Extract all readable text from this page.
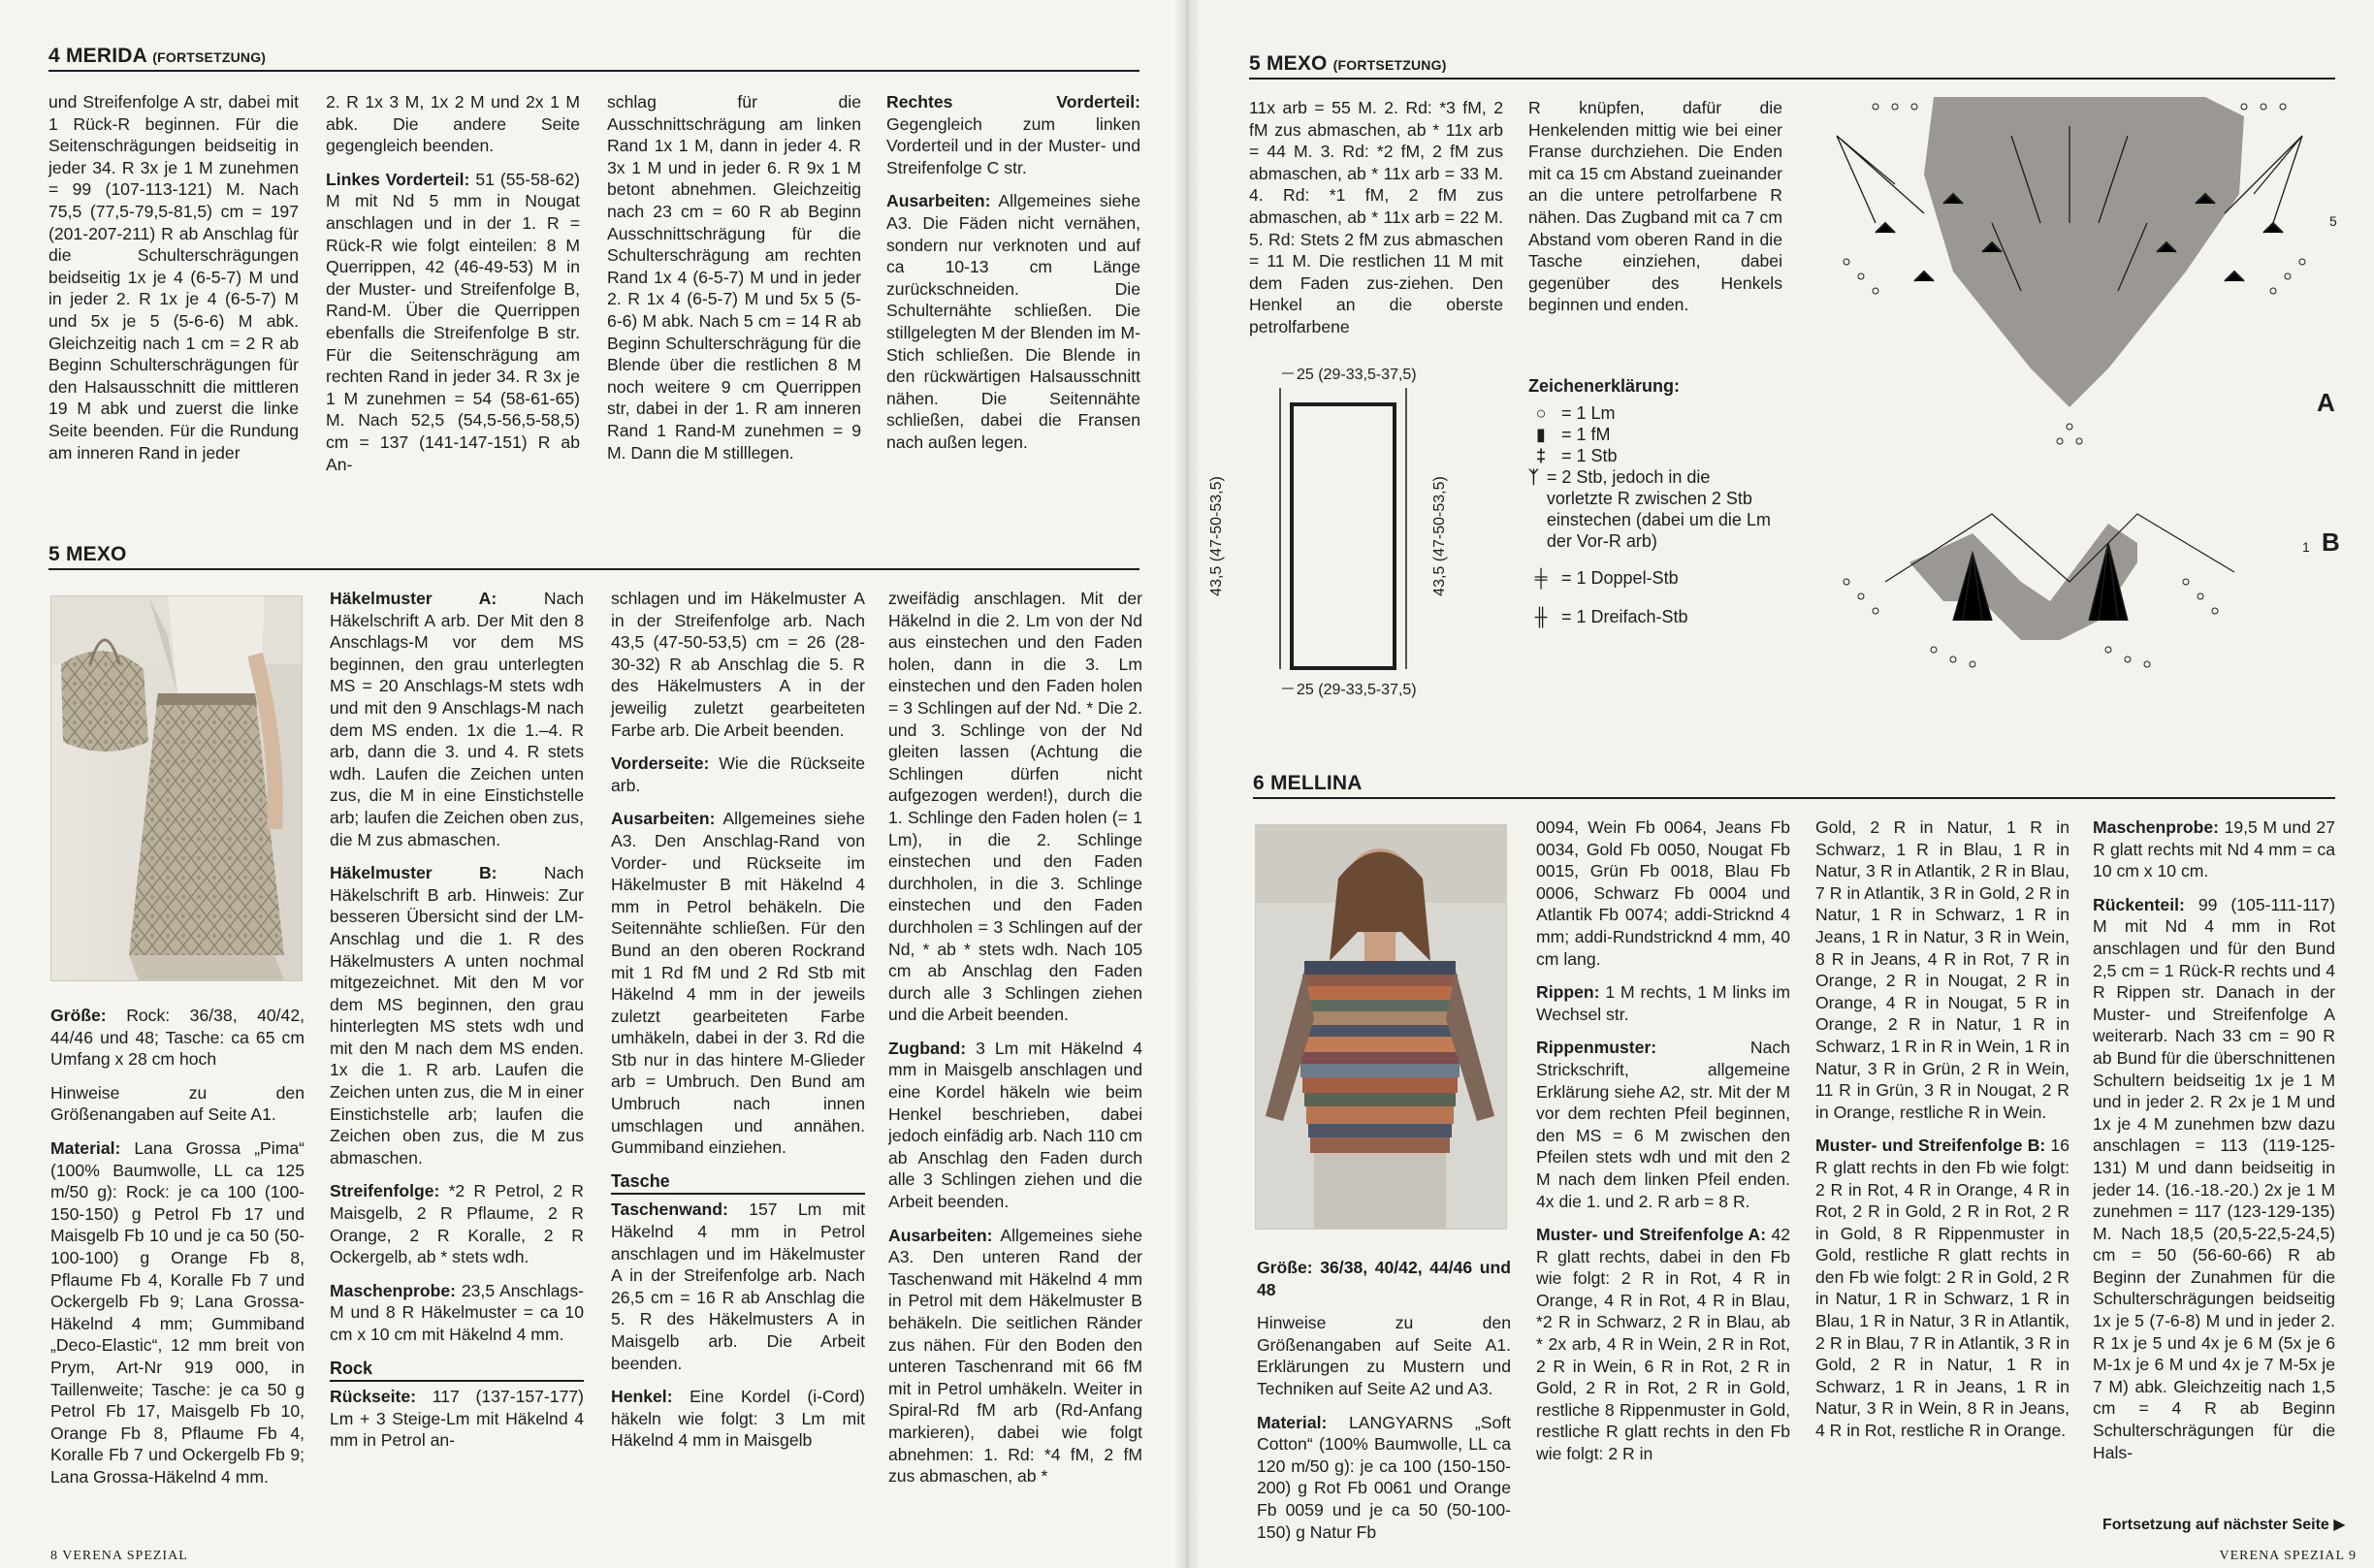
4 MERIDA (FORTSETZUNG)

und Streifenfolge A str, dabei mit 1 Rück-R beginnen. Für die Seitenschrägungen beidseitig in jeder 34. R 3x je 1 M zunehmen = 99 (107-113-121) M. Nach 75,5 (77,5-79,5-81,5) cm = 197 (201-207-211) R ab Anschlag für die Schulterschrägungen beidseitig 1x je 4 (6-5-7) M und in jeder 2. R 1x je 4 (6-5-7) M und 5x je 5 (5-6-6) M abk. Gleichzeitig nach 1 cm = 2 R ab Beginn Schulterschrägungen für den Halsausschnitt die mittleren 19 M abk und zuerst die linke Seite beenden. Für die Rundung am inneren Rand in jeder

2. R 1x 3 M, 1x 2 M und 2x 1 M abk. Die andere Seite gegengleich beenden.

Linkes Vorderteil: 51 (55-58-62) M mit Nd 5 mm in Nougat anschlagen und in der 1. R = Rück-R wie folgt einteilen: 8 M Querrippen, 42 (46-49-53) M in der Muster- und Streifenfolge B, Rand-M. Über die Querrippen ebenfalls die Streifenfolge B str. Für die Seitenschrägung am rechten Rand in jeder 34. R 3x je 1 M zunehmen = 54 (58-61-65) M. Nach 52,5 (54,5-56,5-58,5) cm = 137 (141-147-151) R ab An-

schlag für die Ausschnittschrägung am linken Rand 1x 1 M, dann in jeder 4. R 3x 1 M und in jeder 6. R 9x 1 M betont abnehmen. Gleichzeitig nach 23 cm = 60 R ab Beginn Ausschnittschrägung für die Schulterschrägung am rechten Rand 1x 4 (6-5-7) M und in jeder 2. R 1x 4 (6-5-7) M und 5x 5 (5-6-6) M abk. Nach 5 cm = 14 R ab Beginn Schulterschrägung für die Blende über die restlichen 8 M noch weitere 9 cm Querrippen str, dabei in der 1. R am inneren Rand 1 Rand-M zunehmen = 9 M. Dann die M stilllegen.

Rechtes Vorderteil: Gegengleich zum linken Vorderteil und in der Muster- und Streifenfolge C str.

Ausarbeiten: Allgemeines siehe A3. Die Fäden nicht vernähen, sondern nur verknoten und auf ca 10-13 cm Länge zurückschneiden. Die Schulternähte schließen. Die stillgelegten M der Blenden im M-Stich schließen. Die Blende in den rückwärtigen Halsausschnitt nähen. Die Seitennähte schließen, dabei die Fransen nach außen legen.

5 MEXO

Größe: Rock: 36/38, 40/42, 44/46 und 48; Tasche: ca 65 cm Umfang x 28 cm hoch

Hinweise zu den Größenangaben auf Seite A1.

Material: Lana Grossa „Pima“ (100% Baumwolle, LL ca 125 m/50 g): Rock: je ca 100 (100-150-150) g Petrol Fb 17 und Maisgelb Fb 10 und je ca 50 (50-100-100) g Orange Fb 8, Pflaume Fb 4, Koralle Fb 7 und Ockergelb Fb 9; Lana Grossa-Häkelnd 4 mm; Gummiband „Deco-Elastic“, 12 mm breit von Prym, Art-Nr 919 000, in Taillenweite; Tasche: je ca 50 g Petrol Fb 17, Maisgelb Fb 10, Orange Fb 8, Pflaume Fb 4, Koralle Fb 7 und Ockergelb Fb 9; Lana Grossa-Häkelnd 4 mm.

Häkelmuster A:	Nach Häkelschrift A arb. Der Mit den 8 Anschlags-M vor dem MS beginnen, den grau unterlegten MS = 20 Anschlags-M stets wdh und mit den 9 Anschlags-M nach dem MS enden. 1x die 1.–4. R arb, dann die 3. und 4. R stets wdh. Laufen die Zeichen unten zus, die M in eine Einstichstelle arb; laufen die Zeichen oben zus, die M zus abmaschen.

Häkelmuster B:	Nach Häkelschrift B arb. Hinweis: Zur besseren Übersicht sind der LM-Anschlag und die 1. R des Häkelmusters A unten nochmal mitgezeichnet. Mit den M vor dem MS beginnen, den grau hinterlegten MS stets wdh und mit den M nach dem MS enden. 1x die 1. R arb. Laufen die Zeichen unten zus, die M in einer Einstichstelle arb; laufen die Zeichen oben zus, die M zus abmaschen.

Streifenfolge: *2 R Petrol, 2 R Maisgelb, 2 R Pflaume, 2 R Orange, 2 R Koralle, 2 R Ockergelb, ab * stets wdh.

Maschenprobe: 23,5 Anschlags-M und 8 R Häkelmuster = ca 10 cm x 10 cm mit Häkelnd 4 mm.

Rock

Rückseite: 117 (137-157-177) Lm + 3 Steige-Lm mit Häkelnd 4 mm in Petrol an-

schlagen und im Häkelmuster A in der Streifenfolge arb. Nach 43,5 (47-50-53,5) cm = 26 (28-30-32) R ab Anschlag die 5. R des Häkelmusters A in der jeweilig zuletzt gearbeiteten Farbe arb. Die Arbeit beenden.

Vorderseite: Wie die Rückseite arb.

Ausarbeiten: Allgemeines siehe A3. Den Anschlag-Rand von Vorder- und Rückseite im Häkelmuster B mit Häkelnd 4 mm in Petrol behäkeln. Die Seitennähte schließen. Für den Bund an den oberen Rockrand mit 1 Rd fM und 2 Rd Stb mit Häkelnd 4 mm in der jeweils zuletzt gearbeiteten Farbe umhäkeln, dabei in der 3. Rd die Stb nur in das hintere M-Glieder arb = Umbruch. Den Bund am Umbruch nach innen umschlagen und annähen. Gummiband einziehen.

Tasche

Taschenwand: 157 Lm mit Häkelnd 4 mm in Petrol anschlagen und im Häkelmuster A in der Streifenfolge arb. Nach 26,5 cm = 16 R ab Anschlag die 5. R des Häkelmusters A in Maisgelb arb. Die Arbeit beenden.

Henkel: Eine Kordel (i-Cord) häkeln wie folgt: 3 Lm mit Häkelnd 4 mm in Maisgelb

zweifädig anschlagen. Mit der Häkelnd in die 2. Lm von der Nd aus einstechen und den Faden holen, dann in die 3. Lm einstechen und den Faden holen = 3 Schlingen auf der Nd. * Die 2. und 3. Schlinge von der Nd gleiten lassen (Achtung die Schlingen dürfen nicht aufgezogen werden!), durch die 1. Schlinge den Faden holen (= 1 Lm), in die 2. Schlinge einstechen und den Faden durchholen, in die 3. Schlinge einstechen und den Faden durchholen = 3 Schlingen auf der Nd, * ab * stets wdh. Nach 105 cm ab Anschlag den Faden durch alle 3 Schlingen ziehen und die Arbeit beenden.

Zugband: 3 Lm mit Häkelnd 4 mm in Maisgelb anschlagen und eine Kordel häkeln wie beim Henkel beschrieben, dabei jedoch einfädig arb. Nach 110 cm ab Anschlag den Faden durch alle 3 Schlingen ziehen und die Arbeit beenden.

Ausarbeiten: Allgemeines siehe A3. Den unteren Rand der Taschenwand mit Häkelnd 4 mm in Petrol mit dem Häkelmuster B behäkeln. Die seitlichen Ränder zus nähen. Für den Boden den unteren Taschenrand mit 66 fM mit in Petrol umhäkeln. Weiter in Spiral-Rd fM arb (Rd-Anfang markieren), dabei wie folgt abnehmen: 1. Rd: *4 fM, 2 fM zus abmaschen, ab *

8 VERENA SPEZIAL
5 MEXO (FORTSETZUNG)

11x arb = 55 M. 2. Rd: *3 fM, 2 fM zus abmaschen, ab * 11x arb = 44 M. 3. Rd: *2 fM, 2 fM zus abmaschen, ab * 11x arb = 33 M. 4. Rd: *1 fM, 2 fM zus abmaschen, ab * 11x arb = 22 M. 5. Rd: Stets 2 fM zus abmaschen = 11 M. Die restlichen 11 M mit dem Faden zus-ziehen. Den Henkel an die oberste petrolfarbene

R knüpfen, dafür die Henkelenden mittig wie bei einer Franse durchziehen. Die Enden mit ca 15 cm Abstand zueinander an die untere petrolfarbene R nähen. Das Zugband mit ca 7 cm Abstand vom oberen Rand in die Tasche einziehen, dabei gegenüber des Henkels beginnen und enden.

25 (29-33,5-37,5)
25 (29-33,5-37,5)
43,5 (47-50-53,5)	43,5 (47-50-53,5)
Zeichenerklärung:
○ = 1 Lm
▮ = 1 fM
‡ = 1 Stb
ᛉ = 2 Stb, jedoch in die vorletzte R zwischen 2 Stb einstechen (dabei um die Lm der Vor-R arb)
╪ = 1 Doppel-Stb
╫ = 1 Dreifach-Stb
A
B
5
1
6 MELLINA

Größe: 36/38, 40/42, 44/46 und 48

Hinweise zu den Größenangaben auf Seite A1. Erklärungen zu Mustern und Techniken auf Seite A2 und A3.

Material: LANGYARNS „Soft Cotton“ (100% Baumwolle, LL ca 120 m/50 g): je ca 100 (150-150-200) g Rot Fb 0061 und Orange Fb 0059 und je ca 50 (50-100-150) g Natur Fb

0094, Wein Fb 0064, Jeans Fb 0034, Gold Fb 0050, Nougat Fb 0015, Grün Fb 0018, Blau Fb 0006, Schwarz Fb 0004 und Atlantik Fb 0074; addi-Stricknd 4 mm; addi-Rundstricknd 4 mm, 40 cm lang.

Rippen: 1 M rechts, 1 M links im Wechsel str.

Rippenmuster:	Nach Strickschrift, allgemeine Erklärung siehe A2, str. Mit der M vor dem rechten Pfeil beginnen, den MS = 6 M zwischen den Pfeilen stets wdh und mit den 2 M nach dem linken Pfeil enden. 4x die 1. und 2. R arb = 8 R.

Muster- und Streifenfolge A: 42 R glatt rechts, dabei in den Fb wie folgt: 2 R in Rot, 4 R in Orange, 4 R in Rot, 4 R in Blau, *2 R in Schwarz, 2 R in Blau, ab * 2x arb, 4 R in Wein, 2 R in Rot, 2 R in Wein, 6 R in Rot, 2 R in Gold, 2 R in Rot, 2 R in Gold, restliche 8 Rippenmuster in Gold, restliche R glatt rechts in den Fb wie folgt: 2 R in

Gold, 2 R in Natur, 1 R in Schwarz, 1 R in Blau, 1 R in Natur, 3 R in Atlantik, 2 R in Blau, 7 R in Atlantik, 3 R in Gold, 2 R in Natur, 1 R in Schwarz, 1 R in Jeans, 1 R in Natur, 3 R in Wein, 8 R in Jeans, 4 R in Rot, 7 R in Orange, 2 R in Nougat, 2 R in Orange, 4 R in Nougat, 5 R in Orange, 2 R in Natur, 1 R in Schwarz, 1 R in R in Wein, 1 R in Natur, 3 R in Grün, 2 R in Wein, 11 R in Grün, 3 R in Nougat, 2 R in Orange, restliche R in Wein.

Muster- und Streifenfolge B: 16 R glatt rechts in den Fb wie folgt: 2 R in Rot, 4 R in Orange, 4 R in Rot, 2 R in Gold, 2 R in Rot, 2 R in Gold, 8 R Rippenmuster in Gold, restliche R glatt rechts in den Fb wie folgt: 2 R in Gold, 2 R in Natur, 1 R in Schwarz, 1 R in Blau, 1 R in Natur, 3 R in Atlantik, 2 R in Blau, 7 R in Atlantik, 3 R in Gold, 2 R in Natur, 1 R in Schwarz, 1 R in Jeans, 1 R in Natur, 3 R in Wein, 8 R in Jeans, 4 R in Rot, restliche R in Orange.

Maschenprobe: 19,5 M und 27 R glatt rechts mit Nd 4 mm = ca 10 cm x 10 cm.

Rückenteil: 99 (105-111-117) M mit Nd 4 mm in Rot anschlagen und für den Bund 2,5 cm = 1 Rück-R rechts und 4 R Rippen str. Danach in der Muster- und Streifenfolge A weiterarb. Nach 33 cm = 90 R ab Bund für die überschnittenen Schultern beidseitig 1x je 1 M und in jeder 2. R 2x je 1 M und 1x je 4 M zunehmen bzw dazu anschlagen = 113 (119-125-131) M und dann beidseitig in jeder 14. (16.-18.-20.) 2x je 1 M zunehmen = 117 (123-129-135) M. Nach 18,5 (20,5-22,5-24,5) cm = 50 (56-60-66) R ab Beginn der Zunahmen für die Schulterschrägungen beidseitig 1x je 5 (7-6-8) M und in jeder 2. R 1x je 5 und 4x je 6 M (5x je 6 M-1x je 6 M und 4x je 7 M-5x je 7 M) abk. Gleichzeitig nach 1,5 cm = 4 R ab Beginn Schulterschrägungen für die Hals-

Fortsetzung auf nächster Seite ▶
VERENA SPEZIAL 9
